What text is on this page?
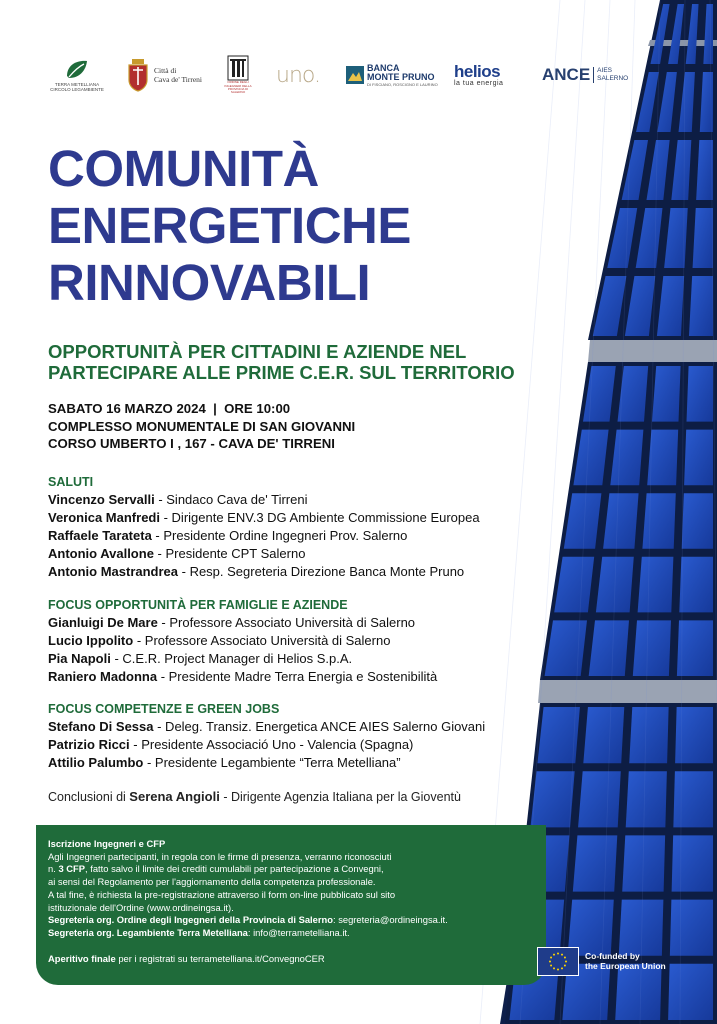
TERRA METELLIANA CIRCOLO LEGAMBIENTE
Città di
Cava de' Tirreni	ORDINE DEGLI INGEGNERI DELLA PROVINCIA DI SALERNO
uno.	BANCA
MONTE PRUNO
DI FISCIANO, ROSCIGNO E LAURINO
helios
la tua energia ANCE AIES
SALERNO
COMUNITÀ
ENERGETICHE
RINNOVABILI
OPPORTUNITÀ PER CITTADINI E AZIENDE NEL
PARTECIPARE ALLE PRIME C.E.R. SUL TERRITORIO
SABATO 16 MARZO 2024  |  ORE 10:00
COMPLESSO MONUMENTALE DI SAN GIOVANNI
CORSO UMBERTO I , 167 - CAVA DE' TIRRENI
SALUTI
Vincenzo Servalli - Sindaco Cava de' Tirreni
Veronica Manfredi - Dirigente ENV.3 DG Ambiente Commissione Europea
Raffaele Tarateta - Presidente Ordine Ingegneri Prov. Salerno
Antonio Avallone - Presidente CPT Salerno
Antonio Mastrandrea - Resp. Segreteria Direzione Banca Monte Pruno
FOCUS OPPORTUNITÀ PER FAMIGLIE E AZIENDE
Gianluigi De Mare - Professore Associato Università di Salerno
Lucio Ippolito - Professore Associato Università di Salerno
Pia Napoli - C.E.R. Project Manager di Helios S.p.A.
Raniero Madonna - Presidente Madre Terra Energia e Sostenibilità
FOCUS COMPETENZE E GREEN JOBS
Stefano Di Sessa - Deleg. Transiz. Energetica ANCE AIES Salerno Giovani
Patrizio Ricci - Presidente Associació Uno - Valencia (Spagna)
Attilio Palumbo - Presidente Legambiente “Terra Metelliana”
Conclusioni di Serena Angioli - Dirigente Agenzia Italiana per la Gioventù
Iscrizione Ingegneri e CFP
Agli Ingegneri partecipanti, in regola con le firme di presenza, verranno riconosciuti
n. 3 CFP, fatto salvo il limite dei crediti cumulabili per partecipazione a Convegni,
ai sensi del Regolamento per l'aggiornamento della competenza professionale.
A tal fine, è richiesta la pre-registrazione attraverso il form on-line pubblicato sul sito
istituzionale dell'Ordine (www.ordineingsa.it).
Segreteria org. Ordine degli Ingegneri della Provincia di Salerno: segreteria@ordineingsa.it.
Segreteria org. Legambiente Terra Metelliana: info@terrametelliana.it.
Aperitivo finale per i registrati su terrametelliana.it/ConvegnoCER	Co-funded by
the European Union
